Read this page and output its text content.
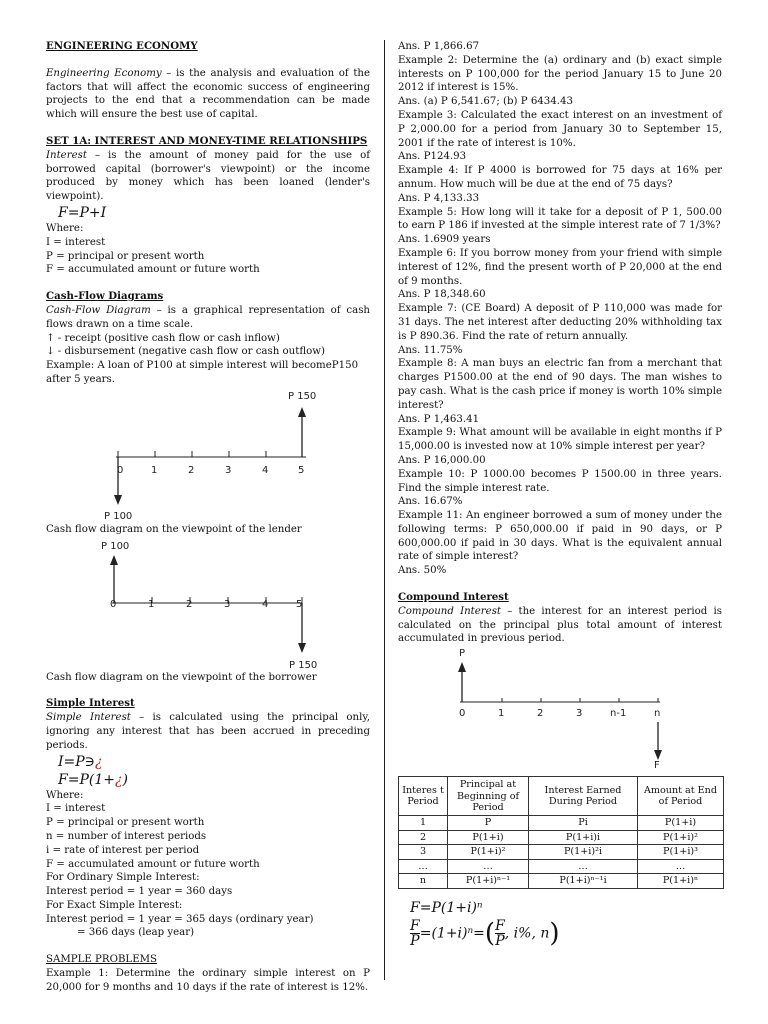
ENGINEERING ECONOMY

Engineering Economy – is the analysis and evaluation of the factors that will affect the economic success of engineering projects to the end that a recommendation can be made which will ensure the best use of capital.

SET 1A: INTEREST AND MONEY-TIME RELATIONSHIPS

Interest – is the amount of money paid for the use of borrowed capital (borrower's viewpoint) or the income produced by money which has been loaned (lender's viewpoint).

F=P+I

Where:

I = interest

P = principal or present worth

F = accumulated amount or future worth

Cash-Flow Diagrams

Cash-Flow Diagram – is a graphical representation of cash flows drawn on a time scale.

↑ - receipt (positive cash flow or cash inflow)

↓ - disbursement (negative cash flow or cash outflow)

Example: A loan of P100 at simple interest will becomeP150 after 5 years.

P 150
0	1	2	3	4	5
P 100

Cash flow diagram on the viewpoint of the lender

P 100
0	1	2	3	4	5
P 150

Cash flow diagram on the viewpoint of the borrower

Simple Interest

Simple Interest – is calculated using the principal only, ignoring any interest that has been accrued in preceding periods.

I=P∋¿

F=P(1+¿)

Where:

I = interest

P = principal or present worth

n = number of interest periods

i = rate of interest per period

F = accumulated amount or future worth

For Ordinary Simple Interest:

Interest period = 1 year = 360 days

For Exact Simple Interest:

Interest period = 1 year = 365 days (ordinary year)

= 366 days (leap year)

SAMPLE PROBLEMS

Example 1: Determine the ordinary simple interest on P 20,000 for 9 months and 10 days if the rate of interest is 12%.

Ans. P 1,866.67

Example 2: Determine the (a) ordinary and (b) exact simple interests on P 100,000 for the period January 15 to June 20 2012 if interest is 15%.

Ans. (a) P 6,541.67; (b) P 6434.43

Example 3: Calculated the exact interest on an investment of P 2,000.00 for a period from January 30 to September 15, 2001 if the rate of interest is 10%.

Ans. P124.93

Example 4: If P 4000 is borrowed for 75 days at 16% per annum. How much will be due at the end of 75 days?

Ans. P 4,133.33

Example 5: How long will it take for a deposit of P 1, 500.00 to earn P 186 if invested at the simple interest rate of 7 1/3%?

Ans. 1.6909 years

Example 6: If you borrow money from your friend with simple interest of 12%, find the present worth of P 20,000 at the end of 9 months.

Ans. P 18,348.60

Example 7: (CE Board) A deposit of P 110,000 was made for 31 days. The net interest after deducting 20% withholding tax is P 890.36. Find the rate of return annually.

Ans. 11.75%

Example 8: A man buys an electric fan from a merchant that charges P1500.00 at the end of 90 days. The man wishes to pay cash. What is the cash price if money is worth 10% simple interest?

Ans. P 1,463.41

Example 9: What amount will be available in eight months if P 15,000.00 is invested now at 10% simple interest per year?

Ans. P 16,000.00

Example 10: P 1000.00 becomes P 1500.00 in three years. Find the simple interest rate.

Ans. 16.67%

Example 11: An engineer borrowed a sum of money under the following terms: P 650,000.00 if paid in 90 days, or P 600,000.00 if paid in 30 days. What is the equivalent annual rate of simple interest?

Ans. 50%

Compound Interest

Compound Interest – the interest for an interest period is calculated on the principal plus total amount of interest accumulated in previous period.

P
0	1	2	3	n-1	n
F
Interes t Period	Principal at Beginning of Period	Interest Earned During Period	Amount at End of Period
1	P	Pi	P(1+i)
2	P(1+i)	P(1+i)i	P(1+i)²
3	P(1+i)²	P(1+i)²i	P(1+i)³
…	…	…	…
n	P(1+i)ⁿ⁻¹	P(1+i)ⁿ⁻¹i	P(1+i)ⁿ

F=P(1+i)ⁿ

$\frac{F}{P} =(1+i)^n=( \frac{F}{P}$ , i%, n)
